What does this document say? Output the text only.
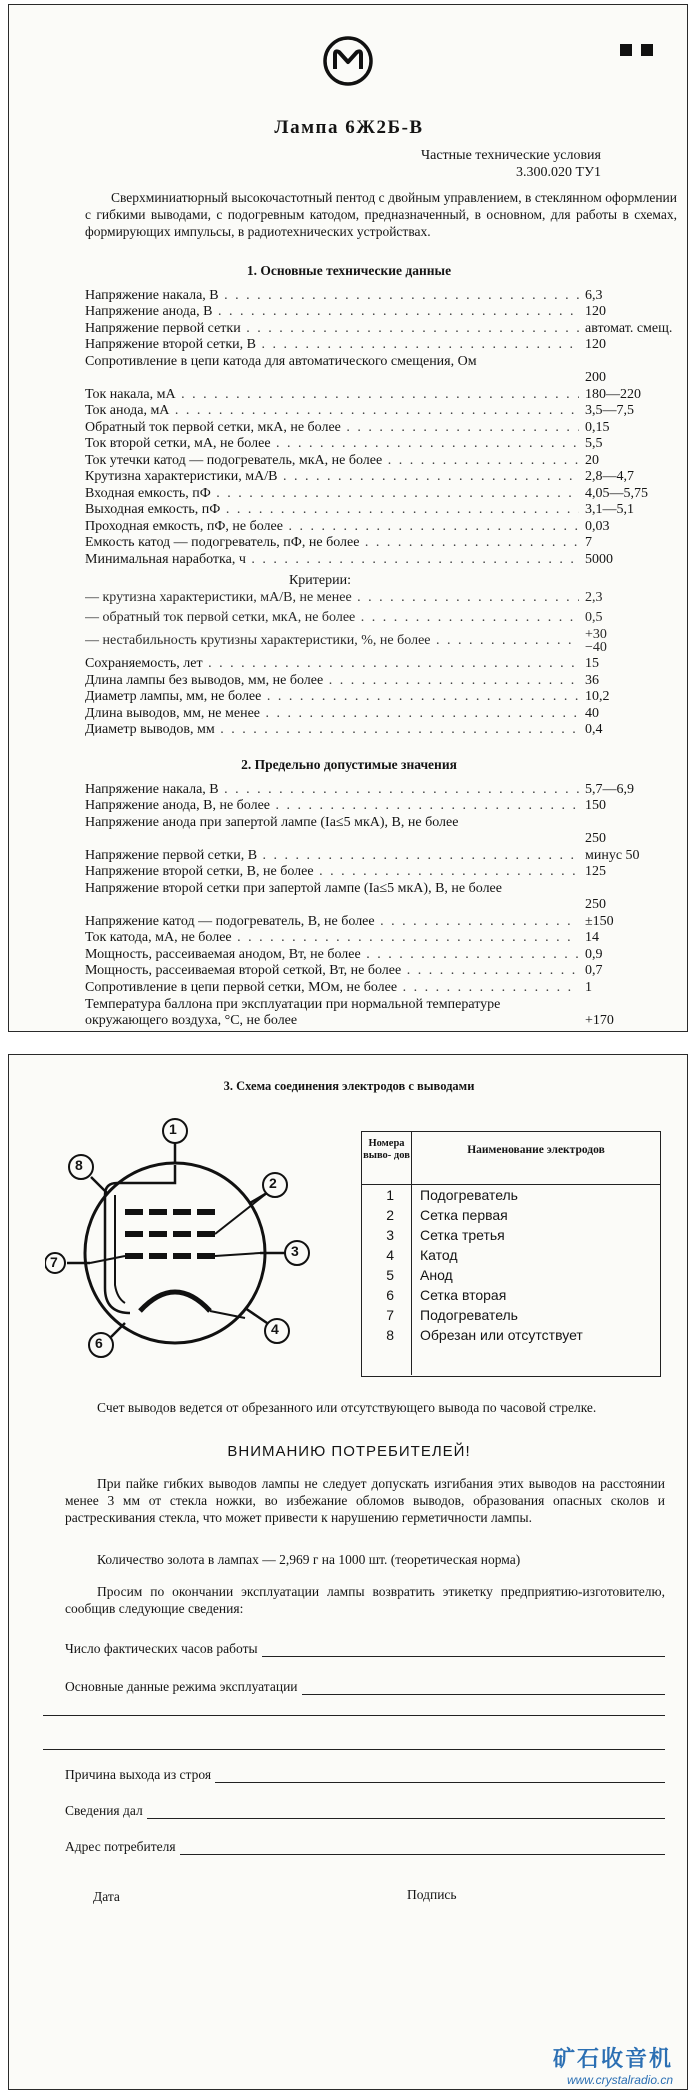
Лампа 6Ж2Б-В
Частные технические условия
3.300.020 ТУ1
Сверхминиатюрный высокочастотный пентод с двойным управлением, в стеклянном оформлении с гибкими выводами, с подогревным катодом, предназначенный, в основном, для работы в схемах, формирующих импульсы, в радиотехнических устройствах.
1. Основные технические данные
Напряжение накала, В . . .	6,3
Напряжение анода, В . . .	120
Напряжение первой сетки . . .	автомат. смещ.
Напряжение второй сетки, В . . .	120
Сопротивление в цепи катода для автоматического смещения, Ом
200
Ток накала, мА . . .	180—220
Ток анода, мА . . .	3,5—7,5
Обратный ток первой сетки, мкА, не более . . .	0,15
Ток второй сетки, мА, не более . . .	5,5
Ток утечки катод — подогреватель, мкА, не более . . .	20
Крутизна характеристики, мА/В . . .	2,8—4,7
Входная емкость, пФ . . .	4,05—5,75
Выходная емкость, пФ . . .	3,1—5,1
Проходная емкость, пФ, не более . . .	0,03
Емкость катод — подогреватель, пФ, не более . . .	7
Минимальная наработка, ч . . .	5000
Критерии:
— крутизна характеристики, мА/В, не менее . . .	2,3
— обратный ток первой сетки, мкА, не более . . .	0,5
— нестабильность крутизны характеристики, %, не более . . .	+30
−40
Сохраняемость, лет . . .	15
Длина лампы без выводов, мм, не более . . .	36
Диаметр лампы, мм, не более . . .	10,2
Длина выводов, мм, не менее . . .	40
Диаметр выводов, мм . . .	0,4
2. Предельно допустимые значения
Напряжение накала, В . . .	5,7—6,9
Напряжение анода, В, не более . . .	150
Напряжение анода при запертой лампе (Ia≤5 мкА), В, не более
250
Напряжение первой сетки, В . . .	минус 50
Напряжение второй сетки, В, не более . . .	125
Напряжение второй сетки при запертой лампе (Ia≤5 мкА), В, не более
250
Напряжение катод — подогреватель, В, не более . . .	±150
Ток катода, мА, не более . . .	14
Мощность, рассеиваемая анодом, Вт, не более . . .	0,9
Мощность, рассеиваемая второй сеткой, Вт, не более . . .	0,7
Сопротивление в цепи первой сетки, МОм, не более . . .	1
Температура баллона при эксплуатации при нормальной температуре окружающего воздуха, °С, не более	+170
3. Схема соединения электродов с выводами
1
2
3
4
6
7
8
Номера выво- дов	Наименование электродов
1	Подогреватель
2	Сетка первая
3	Сетка третья
4	Катод
5	Анод
6	Сетка вторая
7	Подогреватель
8	Обрезан или отсутствует
Счет выводов ведется от обрезанного или отсутствующего вывода по часовой стрелке.
ВНИМАНИЮ ПОТРЕБИТЕЛЕЙ!
При пайке гибких выводов лампы не следует допускать изгибания этих выводов на расстоянии менее 3 мм от стекла ножки, во избежание обломов выводов, образования опасных сколов и растрескивания стекла, что может привести к нарушению герметичности лампы.
Количество золота в лампах — 2,969 г на 1000 шт. (теоретическая норма)
Просим по окончании эксплуатации лампы возвратить этикетку предприятию-изготовителю, сообщив следующие сведения:
Число фактических часов работы
Основные данные режима эксплуатации
Причина выхода из строя
Сведения дал
Адрес потребителя
Дата	Подпись
矿石收音机
www.crystalradio.cn
